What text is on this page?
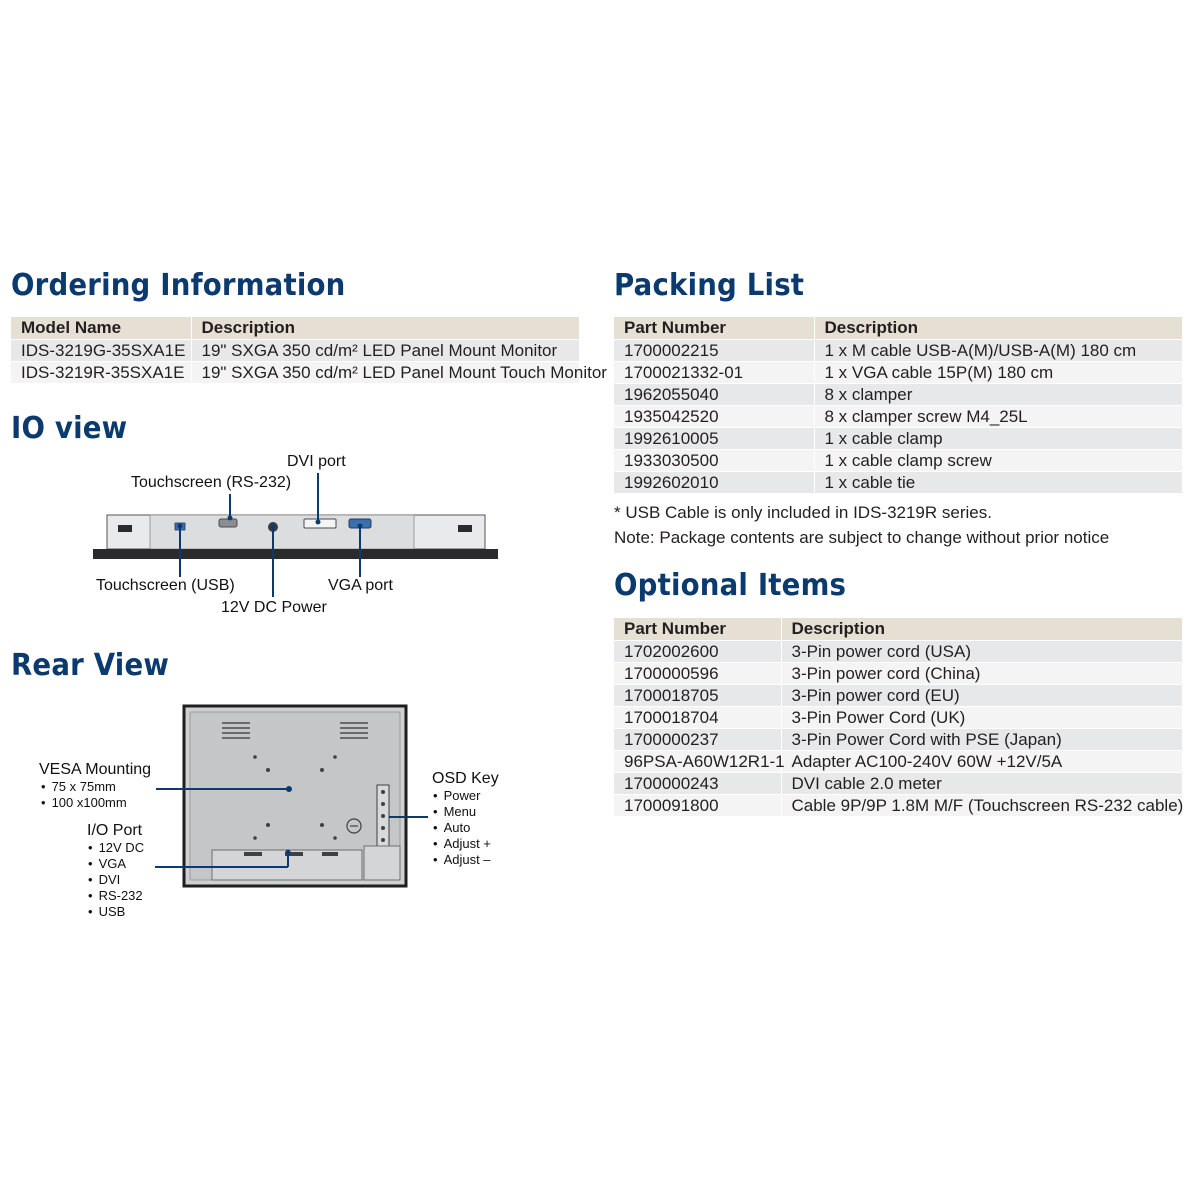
Ordering Information
Model Name	Description
IDS-3219G-35SXA1E	19" SXGA 350 cd/m² LED Panel Mount Monitor
IDS-3219R-35SXA1E	19" SXGA 350 cd/m² LED Panel Mount Touch Monitor
IO view
DVI port
Touchscreen (RS-232)
Touchscreen (USB)	VGA port
12V DC Power
Rear View
VESA Mounting
• 75 x 75mm
• 100 x100mm
I/O Port
• 12V DC
• VGA
• DVI
• RS-232
• USB
OSD Key
• Power
• Menu
• Auto
• Adjust +
• Adjust –
Packing List
Part Number	Description
1700002215	1 x M cable USB-A(M)/USB-A(M) 180 cm
1700021332-01	1 x VGA cable 15P(M) 180 cm
1962055040	8 x clamper
1935042520	8 x clamper screw M4_25L
1992610005	1 x cable clamp
1933030500	1 x cable clamp screw
1992602010	1 x cable tie
* USB Cable is only included in IDS-3219R series.
Note: Package contents are subject to change without prior notice
Optional Items
Part Number	Description
1702002600	3-Pin power cord (USA)
1700000596	3-Pin power cord (China)
1700018705	3-Pin power cord (EU)
1700018704	3-Pin Power Cord (UK)
1700000237	3-Pin Power Cord with PSE (Japan)
96PSA-A60W12R1-1	Adapter AC100-240V 60W +12V/5A
1700000243	DVI cable 2.0 meter
1700091800	Cable 9P/9P 1.8M M/F (Touchscreen RS-232 cable)
